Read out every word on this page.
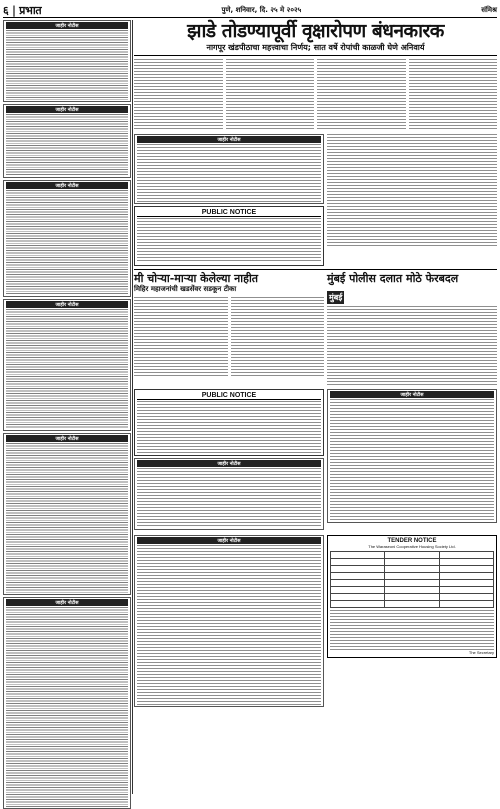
६ | प्रभात	पुणे, शनिवार, दि. २५ मे २०२५	संमिश्र
जाहीर नोटीस
जाहीर नोटीस
जाहीर नोटीस
जाहीर नोटीस
जाहीर नोटीस
जाहीर नोटीस
झाडे तोडण्यापूर्वी वृक्षारोपण बंधनकारक
नागपूर खंडपीठाचा महत्त्वाचा निर्णय; सात वर्षे रोपांची काळजी घेणे अनिवार्य
जाहीर नोटीस
PUBLIC NOTICE
मी चोऱ्या-माऱ्या केलेल्या नाहीत
मिहिर महाजनांची खडसेंवर सडकून टीका
मुंबई पोलीस दलात मोठे फेरबदल
मुंबई
PUBLIC NOTICE
जाहीर नोटीस
जाहीर नोटीस
जाहीर नोटीस	TENDER NOTICE
The Waraseoni Cooperative Housing Society Ltd.

The Secretary
